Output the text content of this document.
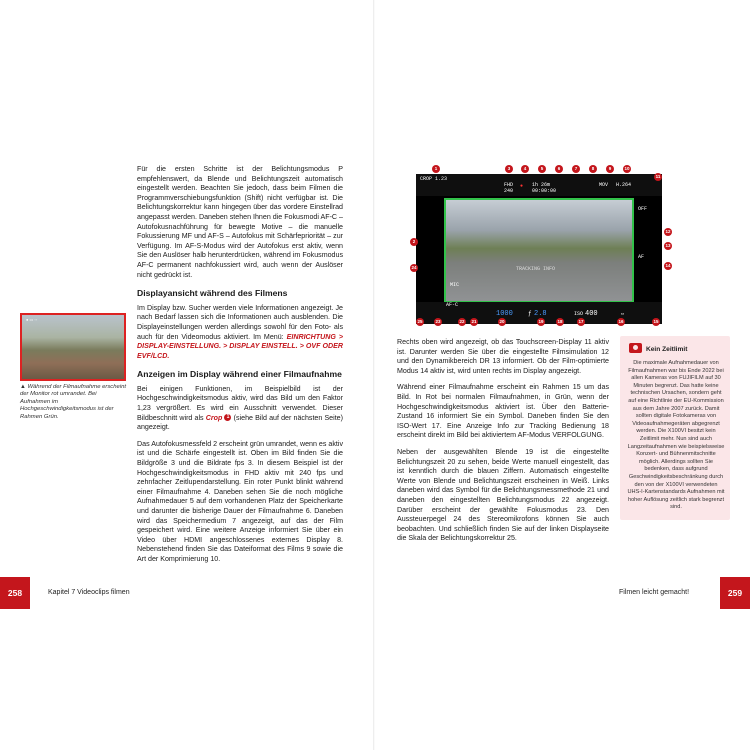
Für die ersten Schritte ist der Belichtungsmodus P empfehlenswert, da Blende und Belichtungszeit automatisch eingestellt werden. Beachten Sie jedoch, dass beim Filmen die Programmverschiebungsfunktion (Shift) nicht verfügbar ist. Die Belichtungskorrektur kann hingegen über das vordere Einstellrad angepasst werden. Daneben stehen Ihnen die Fokusmodi AF-C – Autofokusnachführung für bewegte Motive – die manuelle Fokussierung MF und AF-S – Autofokus mit Schärfepriorität – zur Verfügung. Im AF-S-Modus wird der Autofokus erst aktiv, wenn Sie den Auslöser halb herunterdrücken, während im Fokusmodus AF-C permanent nachfokussiert wird, auch wenn der Auslöser nicht gedrückt ist.

Displayansicht während des Filmens

Im Display bzw. Sucher werden viele Informationen angezeigt. Je nach Bedarf lassen sich die Informationen auch ausblenden. Die Displayeinstellungen werden allerdings sowohl für den Foto- als auch für den Videomodus aktiviert. Im Menü: EINRICHTUNG > DISPLAY-EINSTELLUNG. > DISPLAY EINSTELL. > OVF ODER EVF/LCD.

Anzeigen im Display während einer Filmaufnahme

Bei einigen Funktionen, im Beispielbild ist der Hochgeschwindigkeitsmodus aktiv, wird das Bild um den Faktor 1,23 vergrößert. Es wird ein Ausschnitt verwendet. Dieser Bildbeschnitt wird als Crop 1 (siehe Bild auf der nächsten Seite) angezeigt.

Das Autofokusmessfeld 2 erscheint grün umrandet, wenn es aktiv ist und die Schärfe eingestellt ist. Oben im Bild finden Sie die Bildgröße 3 und die Bildrate fps 3. In diesem Beispiel ist der Hochgeschwindigkeitsmodus in FHD aktiv mit 240 fps und zehnfacher Zeitlupendarstellung. Ein roter Punkt blinkt während einer Filmaufnahme 4. Daneben sehen Sie die noch mögliche Aufnahmedauer 5 auf dem vorhandenen Platz der Speicherkarte und darunter die bisherige Dauer der Filmaufnahme 6. Daneben wird das Speichermedium 7 angezeigt, auf das der Film gespeichert wird. Eine weitere Anzeige informiert Sie über ein Video über HDMI angeschlossenes externes Display 8. Nebenstehend finden Sie das Dateiformat des Films 9 sowie die Art der Komprimierung 10.

● ▭ ◦◦
▲ Während der Filmaufnahme erscheint der Monitor rot umrandet. Bei Aufnahmen im Hochgeschwindigkeitsmodus ist der Rahmen Grün.
258	Kapitel 7 Videoclips filmen	259
Filmen leicht gemacht!
CROP 1.23
FHD
240
● 1h 26m
00:00:00
MOV H.264
TRACKING INFO
MIC
OFF
AF
AF-C
1000	ƒ 2.8	ISO 400	▭
1
2
3	4	5	6	7	8	9	10
11
12
13
14
15
16
17
18
19
20
21
22
23
24
25

Rechts oben wird angezeigt, ob das Touchscreen-Display 11 aktiv ist. Darunter werden Sie über die eingestellte Filmsimulation 12 und den Dynamikbereich DR 13 informiert. Ob der Film-optimierte Modus 14 aktiv ist, wird unten rechts im Display angezeigt.

Während einer Filmaufnahme erscheint ein Rahmen 15 um das Bild. In Rot bei normalen Filmaufnahmen, in Grün, wenn der Hochgeschwindigkeitsmodus aktiviert ist. Über den Batterie-Zustand 16 informiert Sie ein Symbol. Daneben finden Sie den ISO-Wert 17. Eine Anzeige Info zur Tracking Bedienung 18 erscheint direkt im Bild bei aktiviertem AF-Modus VERFOLGUNG.

Neben der ausgewählten Blende 19 ist die eingestellte Belichtungszeit 20 zu sehen, beide Werte manuell eingestellt, das ist kenntlich durch die blauen Ziffern. Automatisch eingestellte Werte von Blende und Belichtungszeit erscheinen in Weiß. Links daneben wird das Symbol für die Belichtungsmessmethode 21 und daneben den eingestellten Belichtungsmodus 22 angezeigt. Darüber erscheint der gewählte Fokusmodus 23. Den Aussteuerpegel 24 des Stereomikrofons können Sie auch beobachten. Und schließlich finden Sie auf der linken Displayseite die Skala der Belichtungskorrektur 25.

Kein Zeitlimit
Die maximale Aufnahmedauer von Filmaufnahmen war bis Ende 2022 bei allen Kameras von FUJIFILM auf 30 Minuten begrenzt. Das hatte keine technischen Ursachen, sondern geht auf eine Richtlinie der EU-Kommission aus dem Jahre 2007 zurück. Damit sollten digitale Fotokameras von Videoaufnahmegeräten abgegrenzt werden. Die X100VI besitzt kein Zeitlimit mehr. Nun sind auch Langzeitaufnahmen wie beispielsweise Konzert- und Bühnenmitschnitte möglich. Allerdings sollten Sie bedenken, dass aufgrund Geschwindigkeitsbeschränkung durch den von der X100VI verwendeten UHS-I-Kartenstandards Aufnahmen mit hoher Auflösung zeitlich stark begrenzt sind.
